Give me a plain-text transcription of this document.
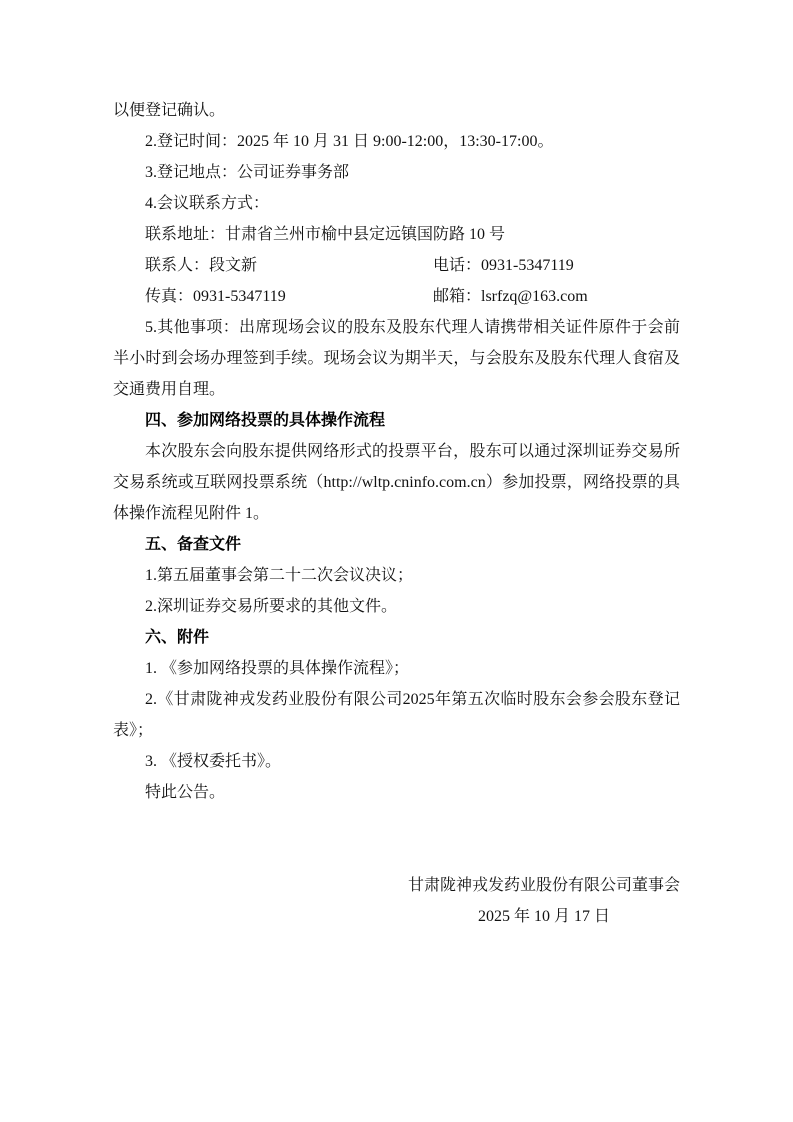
以便登记确认。

2.登记时间：2025 年 10 月 31 日 9:00-12:00，13:30-17:00。

3.登记地点：公司证券事务部

4.会议联系方式：

联系地址：甘肃省兰州市榆中县定远镇国防路 10 号

联系人：段文新	电话：0931-5347119

传真：0931-5347119	邮箱：lsrfzq@163.com

5.其他事项：出席现场会议的股东及股东代理人请携带相关证件原件于会前半小时到会场办理签到手续。现场会议为期半天，与会股东及股东代理人食宿及交通费用自理。

四、参加网络投票的具体操作流程

本次股东会向股东提供网络形式的投票平台，股东可以通过深圳证券交易所交易系统或互联网投票系统（http://wltp.cninfo.com.cn）参加投票，网络投票的具体操作流程见附件 1。

五、备查文件

1.第五届董事会第二十二次会议决议；

2.深圳证券交易所要求的其他文件。

六、附件

1. 《参加网络投票的具体操作流程》；

2.《甘肃陇神戎发药业股份有限公司2025年第五次临时股东会参会股东登记表》；

3. 《授权委托书》。

特此公告。

甘肃陇神戎发药业股份有限公司董事会
2025 年 10 月 17 日
